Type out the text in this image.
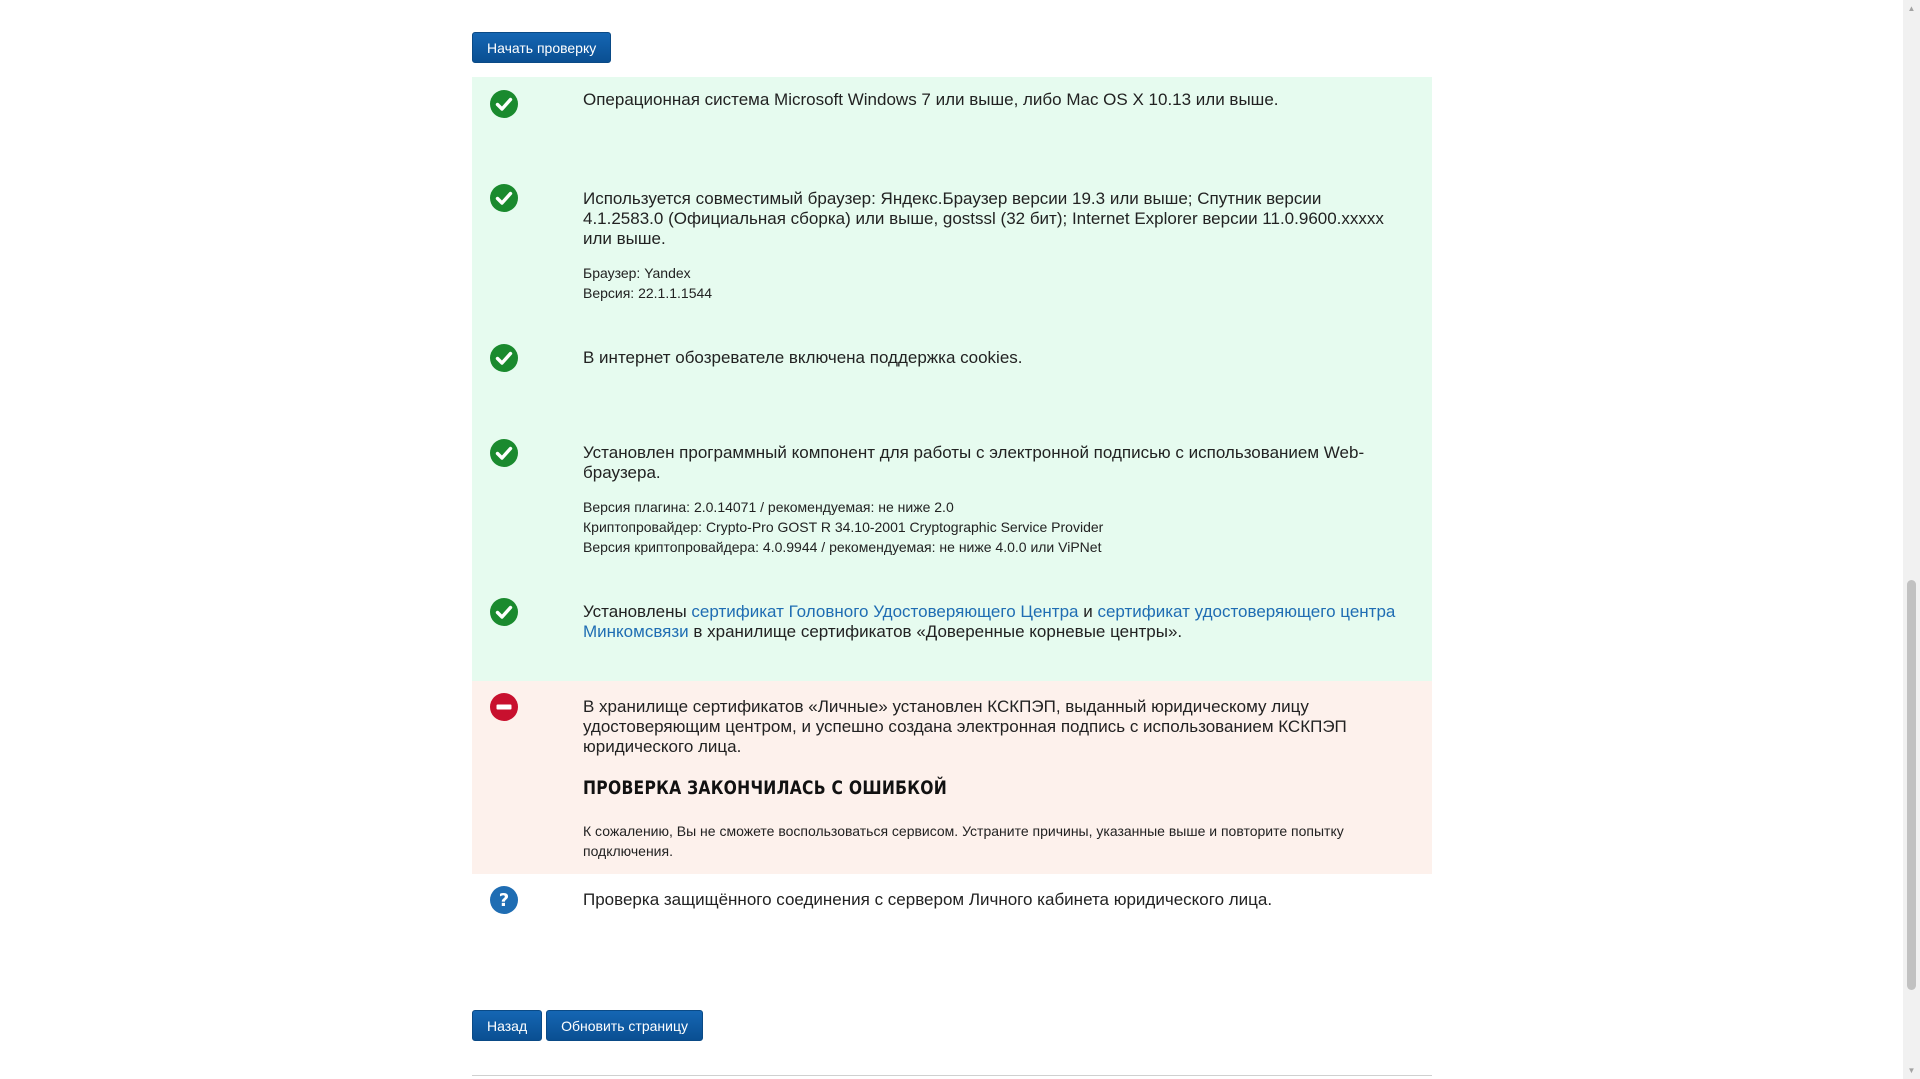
Начать проверку

Операционная система Microsoft Windows 7 или выше, либо Mac OS X 10.13 или выше.

Используется совместимый браузер: Яндекс.Браузер версии 19.3 или выше; Спутник версии 4.1.2583.0 (Официальная сборка) или выше, gostssl (32 бит); Internet Explorer версии 11.0.9600.xxxxx или выше.

Браузер: Yandex
Версия: 22.1.1.1544

В интернет обозревателе включена поддержка cookies.

Установлен программный компонент для работы с электронной подписью с использованием Web-браузера.

Версия плагина: 2.0.14071 / рекомендуемая: не ниже 2.0
Криптопровайдер: Crypto-Pro GOST R 34.10-2001 Cryptographic Service Provider
Версия криптопровайдера: 4.0.9944 / рекомендуемая: не ниже 4.0.0 или ViPNet

Установлены сертификат Головного Удостоверяющего Центра и сертификат удостоверяющего центра Минкомсвязи в хранилище сертификатов «Доверенные корневые центры».

В хранилище сертификатов «Личные» установлен КСКПЭП, выданный юридическому лицу удостоверяющим центром, и успешно создана электронная подпись с использованием КСКПЭП юридического лица.

ПРОВЕРКА ЗАКОНЧИЛАСЬ С ОШИБКОЙ
К сожалению, Вы не сможете воспользоваться сервисом. Устраните причины, указанные выше и повторите попытку подключения.
?	Проверка защищённого соединения с сервером Личного кабинета юридического лица.

Назад Обновить страницу
▲
▼
